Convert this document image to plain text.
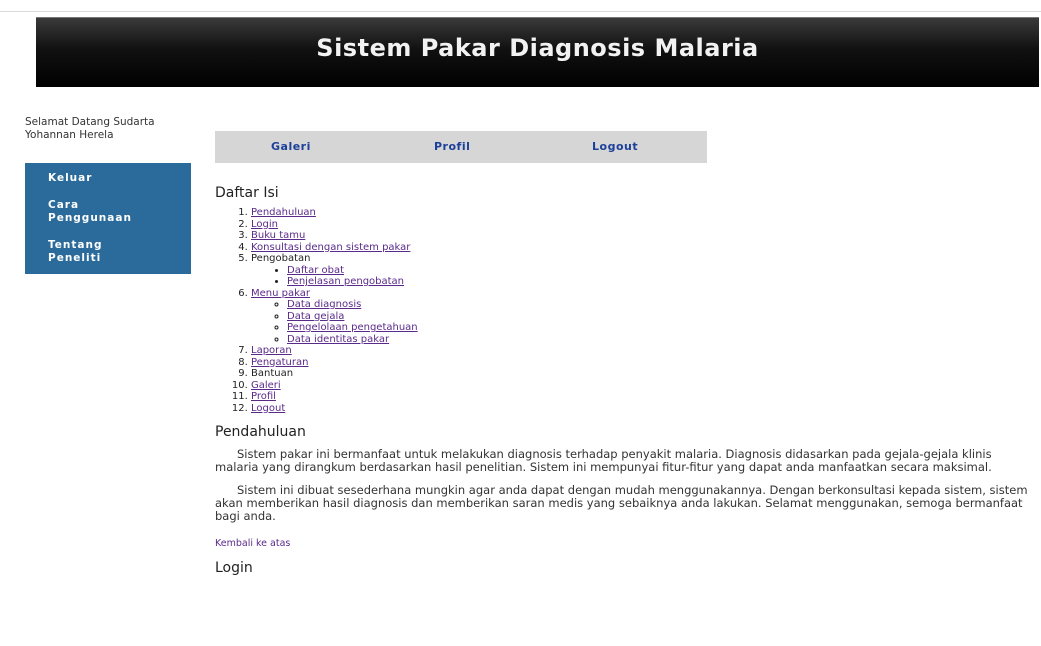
Sistem Pakar Diagnosis Malaria
Selamat Datang Sudarta
Yohannan Herela
Keluar
Cara
Penggunaan
Tentang
Peneliti
Galeri	Profil	Logout
Daftar Isi
1. Pendahuluan
2. Login
3. Buku tamu
4. Konsultasi dengan sistem pakar
5. Pengobatan
• Daftar obat
• Penjelasan pengobatan
6. Menu pakar
◦ Data diagnosis
◦ Data gejala
◦ Pengelolaan pengetahuan
◦ Data identitas pakar
7. Laporan
8. Pengaturan
9. Bantuan
10. Galeri
11. Profil
12. Logout
Pendahuluan

Sistem pakar ini bermanfaat untuk melakukan diagnosis terhadap penyakit malaria. Diagnosis didasarkan pada gejala-gejala klinis malaria yang dirangkum berdasarkan hasil penelitian. Sistem ini mempunyai fitur-fitur yang dapat anda manfaatkan secara maksimal.

Sistem ini dibuat sesederhana mungkin agar anda dapat dengan mudah menggunakannya. Dengan berkonsultasi kepada sistem, sistem akan memberikan hasil diagnosis dan memberikan saran medis yang sebaiknya anda lakukan. Selamat menggunakan, semoga bermanfaat bagi anda.

Kembali ke atas
Login
